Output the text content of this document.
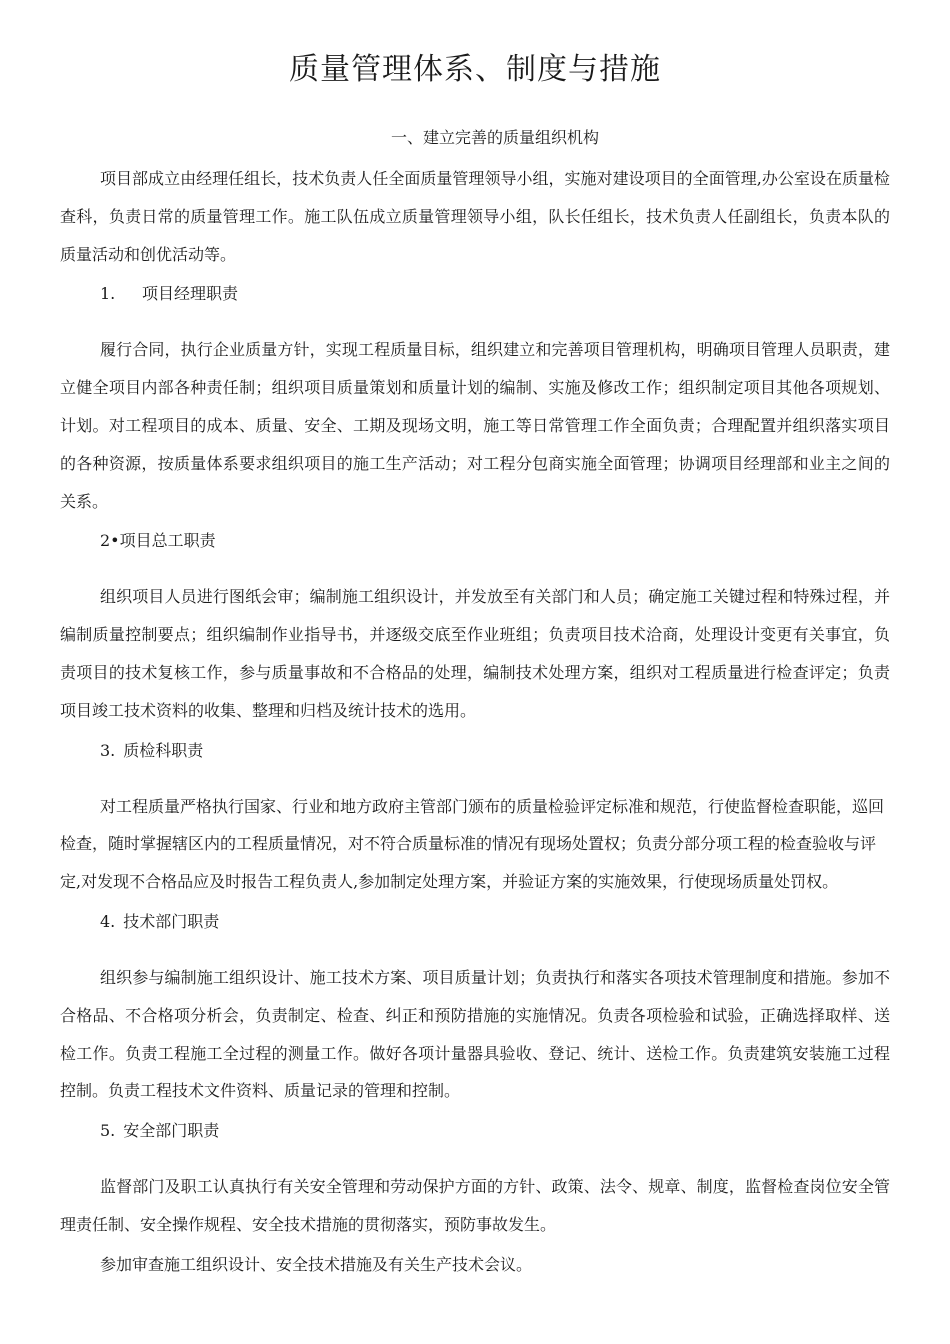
质量管理体系、制度与措施
一、建立完善的质量组织机构

项目部成立由经理任组长，技术负责人任全面质量管理领导小组，实施对建设项目的全面管理,办公室设在质量检查科，负责日常的质量管理工作。施工队伍成立质量管理领导小组，队长任组长，技术负责人任副组长，负责本队的质量活动和创优活动等。

1. 项目经理职责

履行合同，执行企业质量方针，实现工程质量目标，组织建立和完善项目管理机构，明确项目管理人员职责，建立健全项目内部各种责任制；组织项目质量策划和质量计划的编制、实施及修改工作；组织制定项目其他各项规划、计划。对工程项目的成本、质量、安全、工期及现场文明，施工等日常管理工作全面负责；合理配置并组织落实项目的各种资源，按质量体系要求组织项目的施工生产活动；对工程分包商实施全面管理；协调项目经理部和业主之间的关系。

2•项目总工职责

组织项目人员进行图纸会审；编制施工组织设计，并发放至有关部门和人员；确定施工关键过程和特殊过程，并编制质量控制要点；组织编制作业指导书，并逐级交底至作业班组；负责项目技术洽商，处理设计变更有关事宜，负责项目的技术复核工作，参与质量事故和不合格品的处理，编制技术处理方案，组织对工程质量进行检查评定；负责项目竣工技术资料的收集、整理和归档及统计技术的选用。

3. 质检科职责

对工程质量严格执行国家、行业和地方政府主管部门颁布的质量检验评定标准和规范，行使监督检查职能，巡回检查，随时掌握辖区内的工程质量情况，对不符合质量标准的情况有现场处置权；负责分部分项工程的检查验收与评定,对发现不合格品应及时报告工程负责人,参加制定处理方案，并验证方案的实施效果，行使现场质量处罚权。

4. 技术部门职责

组织参与编制施工组织设计、施工技术方案、项目质量计划；负责执行和落实各项技术管理制度和措施。参加不合格品、不合格项分析会，负责制定、检查、纠正和预防措施的实施情况。负责各项检验和试验，正确选择取样、送检工作。负责工程施工全过程的测量工作。做好各项计量器具验收、登记、统计、送检工作。负责建筑安装施工过程控制。负责工程技术文件资料、质量记录的管理和控制。

5. 安全部门职责

监督部门及职工认真执行有关安全管理和劳动保护方面的方针、政策、法令、规章、制度，监督检查岗位安全管理责任制、安全操作规程、安全技术措施的贯彻落实，预防事故发生。

参加审查施工组织设计、安全技术措施及有关生产技术会议。
